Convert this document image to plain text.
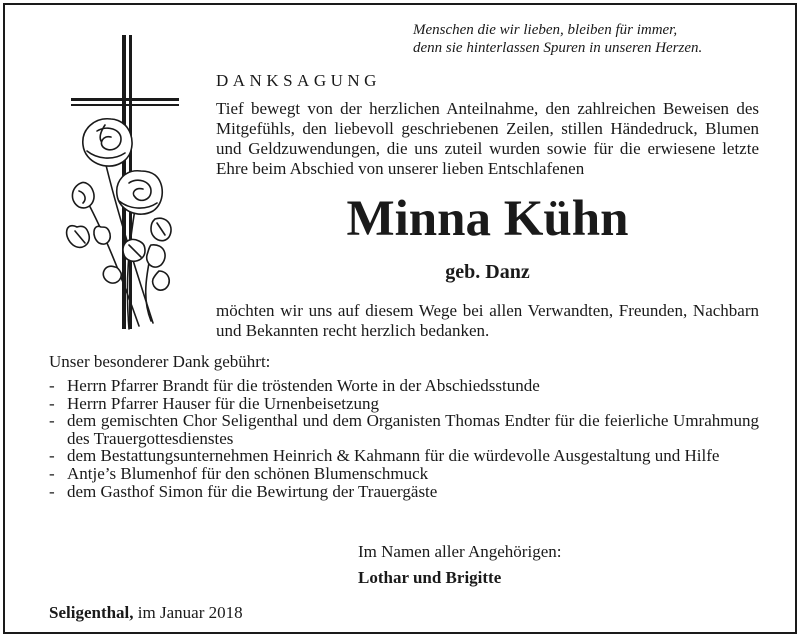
Menschen die wir lieben, bleiben für immer,
denn sie hinterlassen Spuren in unseren Herzen.
DANKSAGUNG
Tief bewegt von der herzlichen Anteilnahme, den zahlreichen Beweisen des Mitgefühls, den liebevoll geschriebenen Zeilen, stillen Händedruck, Blumen und Geldzuwendungen, die uns zuteil wurden sowie für die erwiesene letzte Ehre beim Abschied von unserer lieben Entschlafenen
Minna Kühn
geb. Danz
möchten wir uns auf diesem Wege bei allen Verwandten, Freunden, Nachbarn und Bekannten recht herzlich bedanken.
Unser besonderer Dank gebührt:
- Herrn Pfarrer Brandt für die tröstenden Worte in der Abschiedsstunde
- Herrn Pfarrer Hauser für die Urnenbeisetzung
- dem gemischten Chor Seligenthal und dem Organisten Thomas Endter für die feierliche Umrahmung des Trauergottesdienstes
- dem Bestattungsunternehmen Heinrich & Kahmann für die würdevolle Ausgestaltung und Hilfe
- Antje’s Blumenhof für den schönen Blumenschmuck
- dem Gasthof Simon für die Bewirtung der Trauergäste
Im Namen aller Angehörigen:
Lothar und Brigitte
Seligenthal, im Januar 2018
